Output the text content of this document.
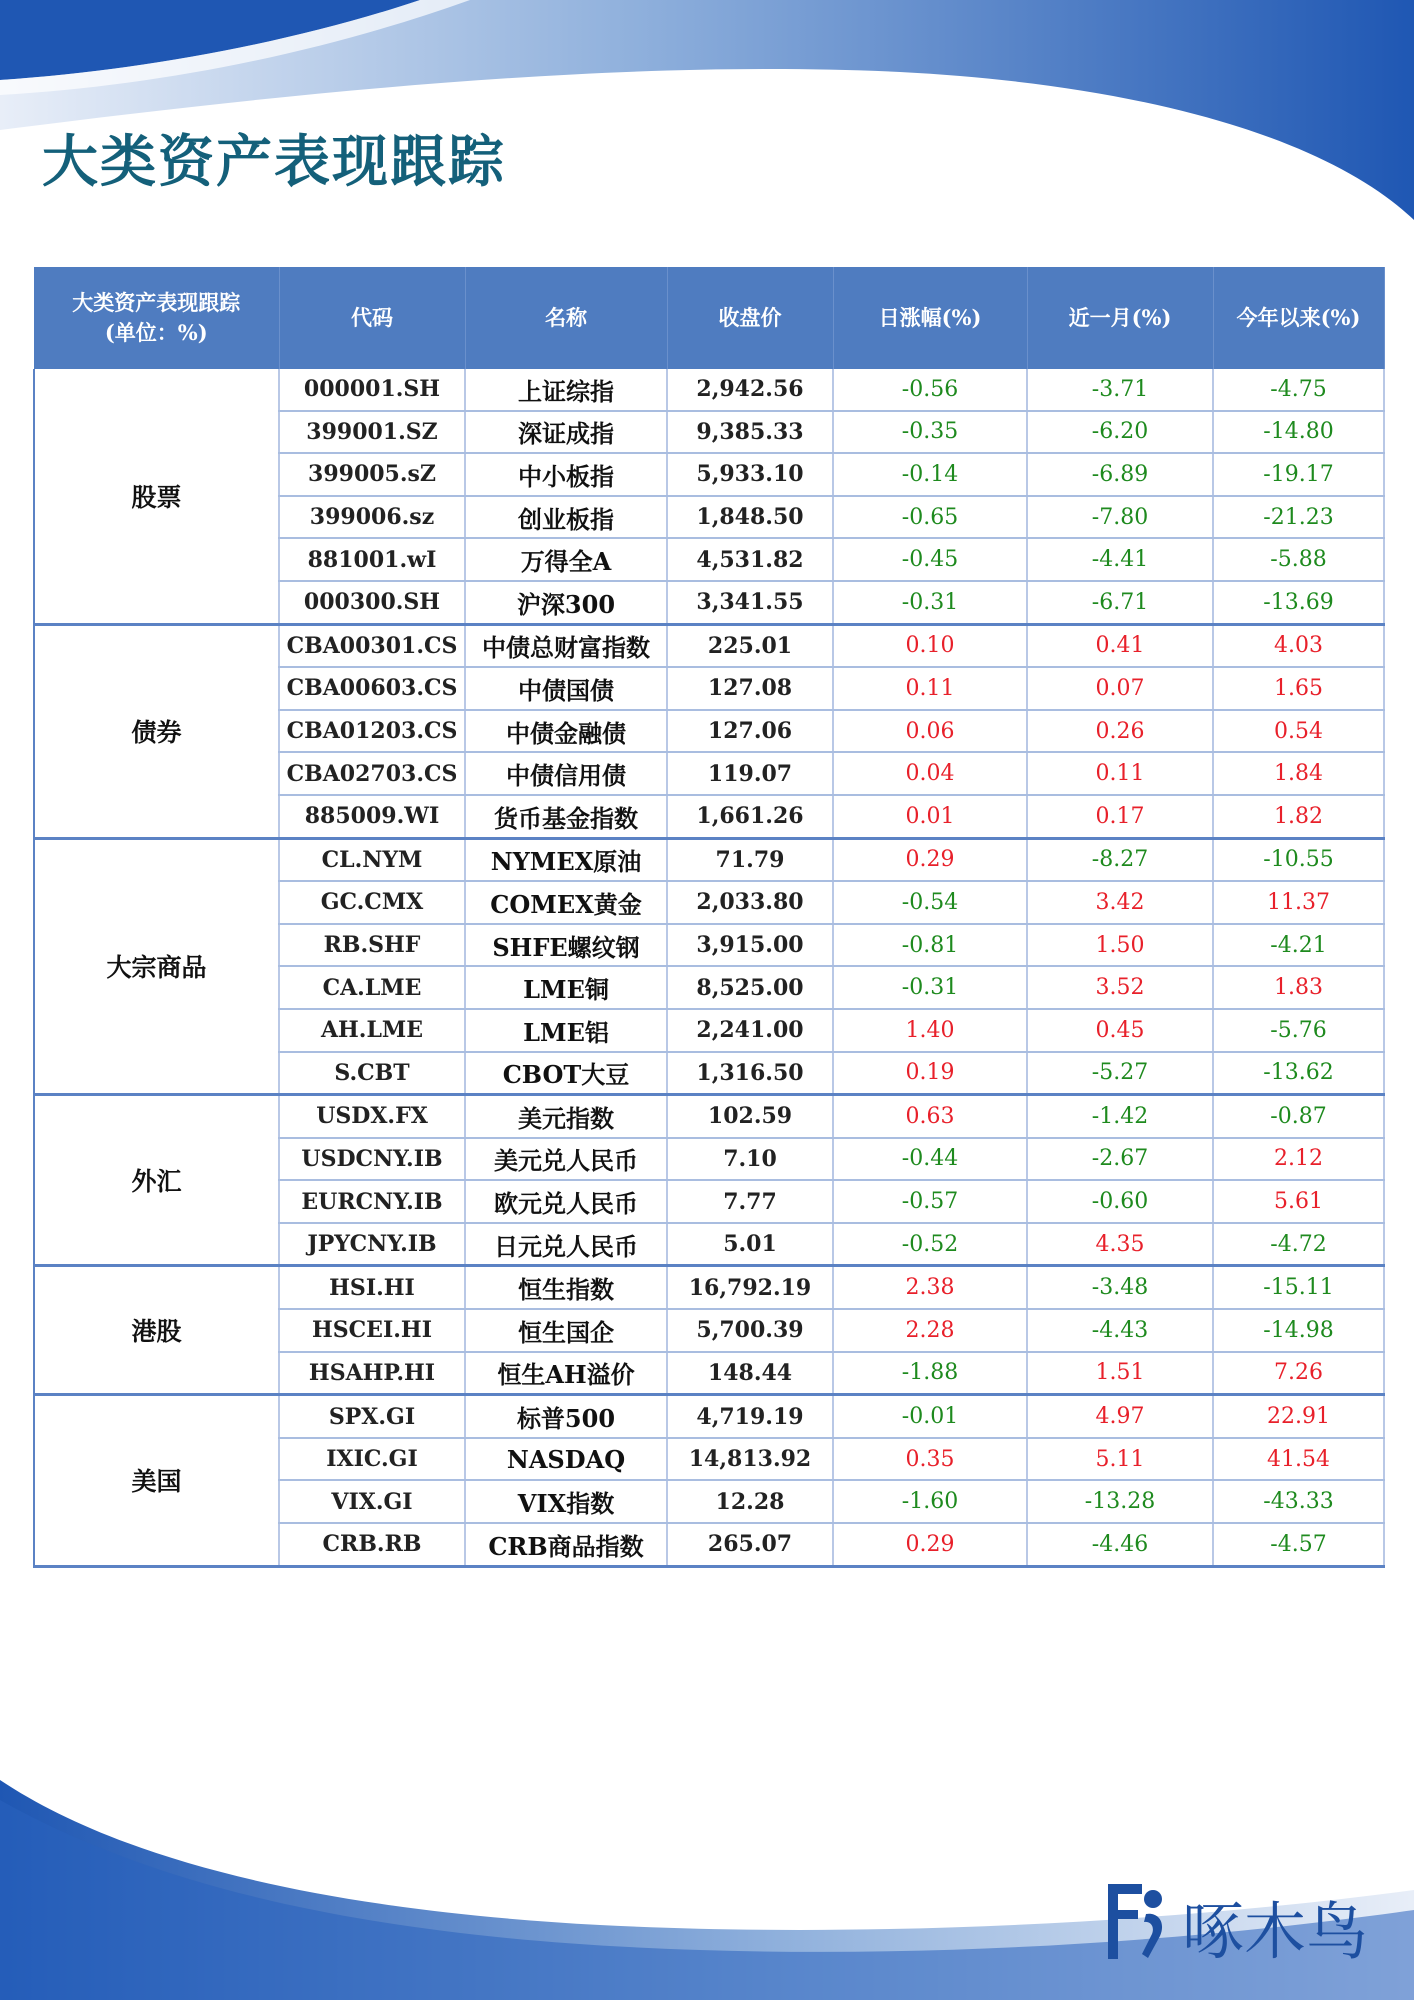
大类资产表现跟踪
大类资产表现跟踪
(单位：%)	代码	名称	收盘价	日涨幅(%)	近一月(%)	今年以来(%)
股票	000001.SH	上证综指	2,942.56	-0.56	-3.71	-4.75
	399001.SZ	深证成指	9,385.33	-0.35	-6.20	-14.80
	399005.sZ	中小板指	5,933.10	-0.14	-6.89	-19.17
	399006.sz	创业板指	1,848.50	-0.65	-7.80	-21.23
	881001.wI	万得全A	4,531.82	-0.45	-4.41	-5.88
	000300.SH	沪深300	3,341.55	-0.31	-6.71	-13.69
债券	CBA00301.CS	中债总财富指数	225.01	0.10	0.41	4.03
	CBA00603.CS	中债国债	127.08	0.11	0.07	1.65
	CBA01203.CS	中债金融债	127.06	0.06	0.26	0.54
	CBA02703.CS	中债信用债	119.07	0.04	0.11	1.84
	885009.WI	货币基金指数	1,661.26	0.01	0.17	1.82
大宗商品	CL.NYM	NYMEX原油	71.79	0.29	-8.27	-10.55
	GC.CMX	COMEX黄金	2,033.80	-0.54	3.42	11.37
	RB.SHF	SHFE螺纹钢	3,915.00	-0.81	1.50	-4.21
	CA.LME	LME铜	8,525.00	-0.31	3.52	1.83
	AH.LME	LME铝	2,241.00	1.40	0.45	-5.76
	S.CBT	CBOT大豆	1,316.50	0.19	-5.27	-13.62
外汇	USDX.FX	美元指数	102.59	0.63	-1.42	-0.87
	USDCNY.IB	美元兑人民币	7.10	-0.44	-2.67	2.12
	EURCNY.IB	欧元兑人民币	7.77	-0.57	-0.60	5.61
	JPYCNY.IB	日元兑人民币	5.01	-0.52	4.35	-4.72
港股	HSI.HI	恒生指数	16,792.19	2.38	-3.48	-15.11
	HSCEI.HI	恒生国企	5,700.39	2.28	-4.43	-14.98
	HSAHP.HI	恒生AH溢价	148.44	-1.88	1.51	7.26
美国	SPX.GI	标普500	4,719.19	-0.01	4.97	22.91
	IXIC.GI	NASDAQ	14,813.92	0.35	5.11	41.54
	VIX.GI	VIX指数	12.28	-1.60	-13.28	-43.33
	CRB.RB	CRB商品指数	265.07	0.29	-4.46	-4.57
啄木鸟
